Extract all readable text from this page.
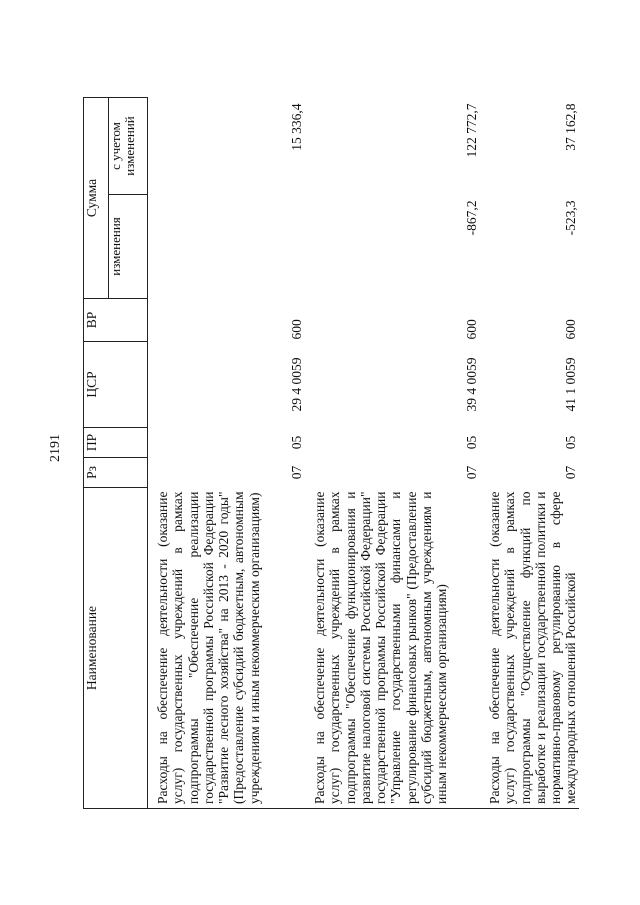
2191
Наименование	Рз	ПР	ЦСР	ВР	Сумма	
					изменения	с учетом изменений

Расходы на обеспечение деятельности (оказание услуг) государственных учреждений в рамках подпрограммы "Обеспечение реализации государственной программы Российской Федерации "Развитие лесного хозяйства" на 2013 - 2020 годы" (Предоставление субсидий бюджетным, автономным учреждениям и иным некоммерческим организациям)	07	05	29 4 0059	600		15 336,4

Расходы на обеспечение деятельности (оказание услуг) государственных учреждений в рамках подпрограммы "Обеспечение функционирования и развитие налоговой системы Российской Федерации" государственной программы Российской Федерации "Управление государственными финансами и регулирование финансовых рынков" (Предоставление субсидий бюджетным, автономным учреждениям и иным некоммерческим организациям)	07	05	39 4 0059	600	-867,2	122 772,7

Расходы на обеспечение деятельности (оказание услуг) государственных учреждений в рамках подпрограммы "Осуществление функций по выработке и реализации государственной политики и нормативно-правовому регулированию в сфере международных отношений Российской	07	05	41 1 0059	600	-523,3	37 162,8
